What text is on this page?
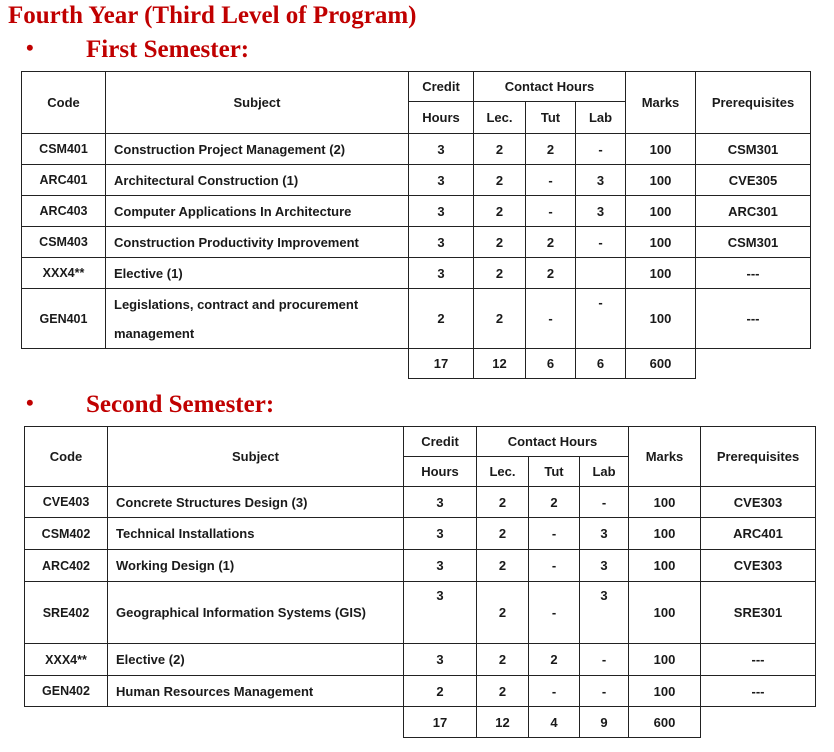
Fourth Year (Third Level of Program)
• First Semester:
Code	Subject	Credit	Contact Hours			Marks	Prerequisites
		Hours	Lec.	Tut	Lab		
CSM401	Construction Project Management (2)	3	2	2	-	100	CSM301
ARC401	Architectural Construction (1)	3	2	-	3	100	CVE305
ARC403	Computer Applications In Architecture	3	2	-	3	100	ARC301
CSM403	Construction Productivity Improvement	3	2	2	-	100	CSM301
XXX4**	Elective (1)	3	2	2		100	---
GEN401	Legislations, contract and procurement management	2	2	-	-	100	---
		17	12	6	6	600	
• Second Semester:
Code	Subject	Credit	Contact Hours			Marks	Prerequisites
		Hours	Lec.	Tut	Lab		
CVE403	Concrete Structures Design (3)	3	2	2	-	100	CVE303
CSM402	Technical Installations	3	2	-	3	100	ARC401
ARC402	Working Design (1)	3	2	-	3	100	CVE303
SRE402	Geographical Information Systems (GIS)	3	2	-	3	100	SRE301
XXX4**	Elective (2)	3	2	2	-	100	---
GEN402	Human Resources Management	2	2	-	-	100	---
		17	12	4	9	600	
